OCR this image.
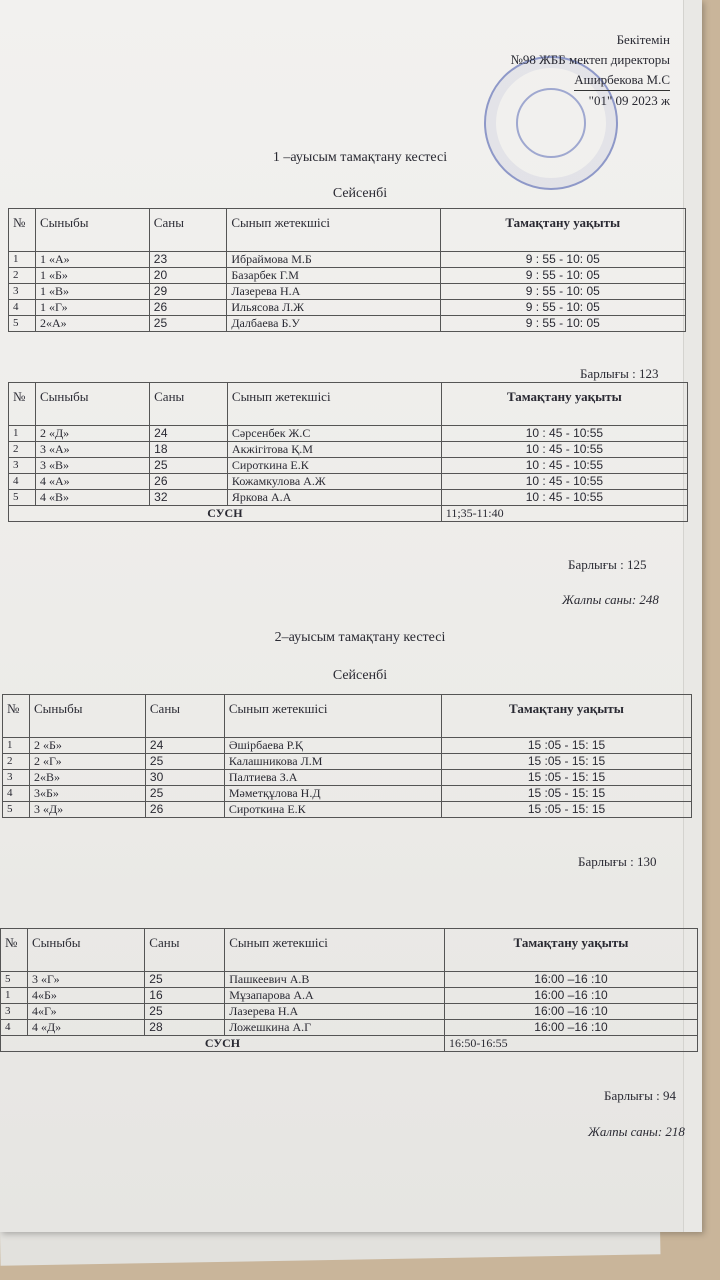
Бекітемін
№98 ЖББ мектеп директоры
Аширбекова М.С
"01" 09 2023 ж
1 –ауысым тамақтану кестесі
Сейсенбі
№	Сыныбы	Саны	Сынып жетекшісі	Тамақтану уақыты
1	1 «А»	23	Ибраймова М.Б	9 : 55 - 10: 05
2	1 «Б»	20	Базарбек Г.М	9 : 55 - 10: 05
3	1 «В»	29	Лазерева Н.А	9 : 55 - 10: 05
4	1 «Г»	26	Ильясова Л.Ж	9 : 55 - 10: 05
5	2«А»	25	Далбаева Б.У	9 : 55 - 10: 05
Барлығы : 123
№	Сыныбы	Саны	Сынып жетекшісі	Тамақтану уақыты
1	2 «Д»	24	Сәрсенбек Ж.С	10 : 45 - 10:55
2	3 «А»	18	Акжігітова Қ.М	10 : 45 - 10:55
3	3 «В»	25	Сироткина Е.К	10 : 45 - 10:55
4	4 «А»	26	Кожамкулова А.Ж	10 : 45 - 10:55
5	4 «В»	32	Яркова А.А	10 : 45 - 10:55
СУСН				11;35-11:40
Барлығы : 125
Жалпы саны: 248
2–ауысым тамақтану кестесі
Сейсенбі
№	Сыныбы	Саны	Сынып жетекшісі	Тамақтану уақыты
1	2 «Б»	24	Әшірбаева Р.Қ	15 :05 - 15: 15
2	2 «Г»	25	Калашникова Л.М	15 :05 - 15: 15
3	2«В»	30	Палтиева З.А	15 :05 - 15: 15
4	3«Б»	25	Мәметқұлова Н.Д	15 :05 - 15: 15
5	3 «Д»	26	Сироткина Е.К	15 :05 - 15: 15
Барлығы : 130
№	Сыныбы	Саны	Сынып жетекшісі	Тамақтану уақыты
5	3 «Г»	25	Пашкеевич А.В	16:00 –16 :10
1	4«Б»	16	Мұзапарова А.А	16:00 –16 :10
3	4«Г»	25	Лазерева Н.А	16:00 –16 :10
4	4 «Д»	28	Ложешкина А.Г	16:00 –16 :10
СУСН				16:50-16:55
Барлығы : 94
Жалпы саны: 218
